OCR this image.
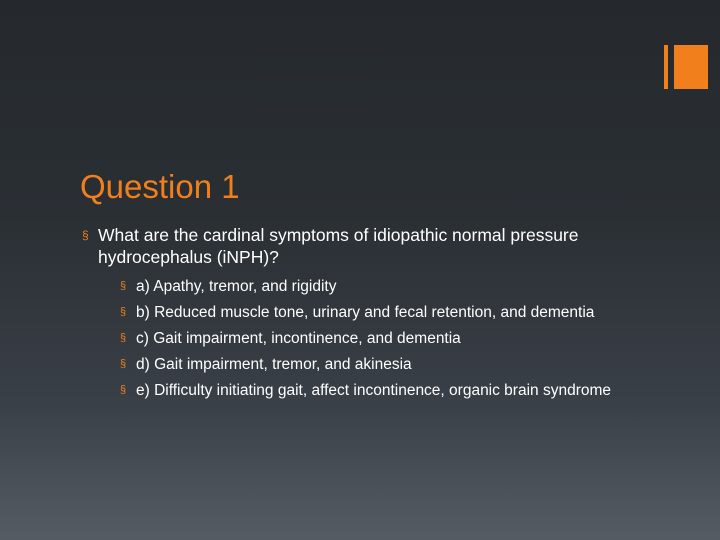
Question 1
§ What are the cardinal symptoms of idiopathic normal pressure hydrocephalus (iNPH)?
§ a) Apathy, tremor, and rigidity
§ b) Reduced muscle tone, urinary and fecal retention, and dementia
§ c) Gait impairment, incontinence, and dementia
§ d) Gait impairment, tremor, and akinesia
§ e) Difficulty initiating gait, affect incontinence, organic brain syndrome
